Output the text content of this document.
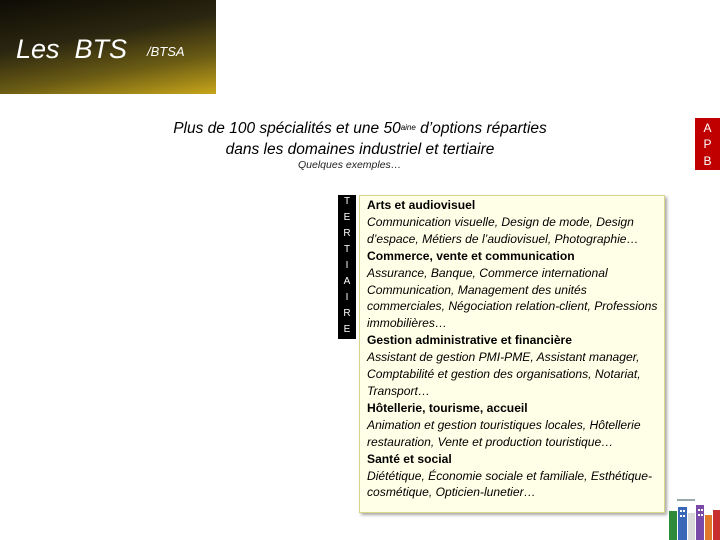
Les  BTS /BTSA
A
P
B
Plus de 100 spécialités et une $50^{aine}$ d’options réparties
dans les domaines industriel et tertiaire
Quelques exemples…
T
E
R
T
I
A
I
R
E
Arts et audiovisuel
Communication visuelle, Design de mode, Design d’espace, Métiers de l’audiovisuel, Photographie…
Commerce, vente et communication
Assurance, Banque, Commerce international Communication, Management des unités commerciales, Négociation relation-client, Professions immobilières…
Gestion administrative et financière
Assistant de gestion PMI-PME, Assistant manager, Comptabilité et gestion des organisations, Notariat, Transport…
Hôtellerie, tourisme, accueil
Animation et gestion touristiques locales, Hôtellerie restauration, Vente et production touristique…
Santé et social
Diététique, Économie sociale et familiale, Esthétique-cosmétique, Opticien-lunetier…
